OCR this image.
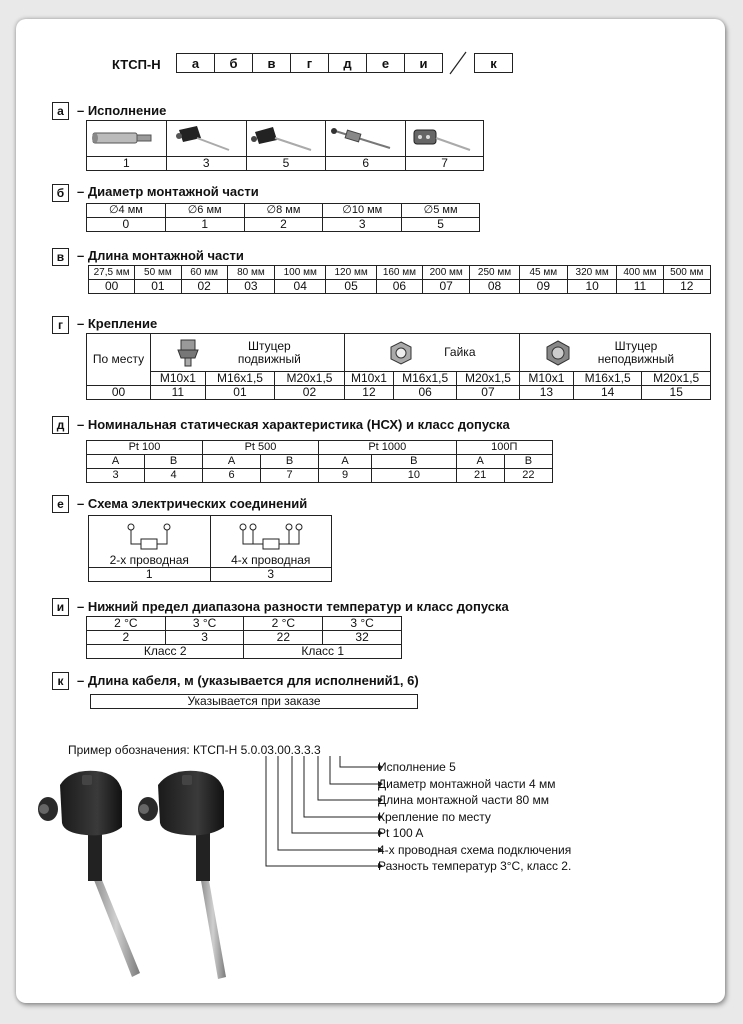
КТСП-Н	а	б	в	г	д	е	и	к
а	– Исполнение

1	3	5	6	7
б – Диаметр монтажной части
∅4 мм	∅6 мм	∅8 мм	∅10 мм	∅5 мм
0	1	2	3	5
в – Длина монтажной части
27,5 мм	50 мм	60 мм	80 мм	100 мм	120 мм	160 мм	200 мм	250 мм	45 мм	320 мм	400 мм	500 мм
00	01	02	03	04	05	06	07	08	09	10	11	12
г	– Крепление
По месту	Штуцер подвижный			Гайка			Штуцер неподвижный		

	M10x1	M16x1,5	M20x1,5	M10x1	M16x1,5	M20x1,5	M10x1	M16x1,5	M20x1,5
00	11	01	02	12	06	07	13	14	15
д – Номинальная статическая характеристика (НСХ) и класс допуска
Pt 100		Pt 500		Pt 1000		100П	
A	B	A	B	A	B	A	B
3	4	6	7	9	10	21	22
е	– Схема электрических соединений
2-х проводная	4-х проводная

1	3
и – Нижний предел диапазона разности температур и класс допуска
2 °C	3 °C	2 °C	3 °C
2	3	22	32
Класс 2		Класс 1	
к	– Длина кабеля, м (указывается для исполнений1, 6)
Указывается при заказе
Пример обозначения: КТСП-Н 5.0.03.00.3.3.3
Исполнение 5
Диаметр монтажной части 4 мм
Длина монтажной части 80 мм
Крепление по месту
Pt 100 A
4-х проводная схема подключения
Разность температур 3°C, класс 2.
